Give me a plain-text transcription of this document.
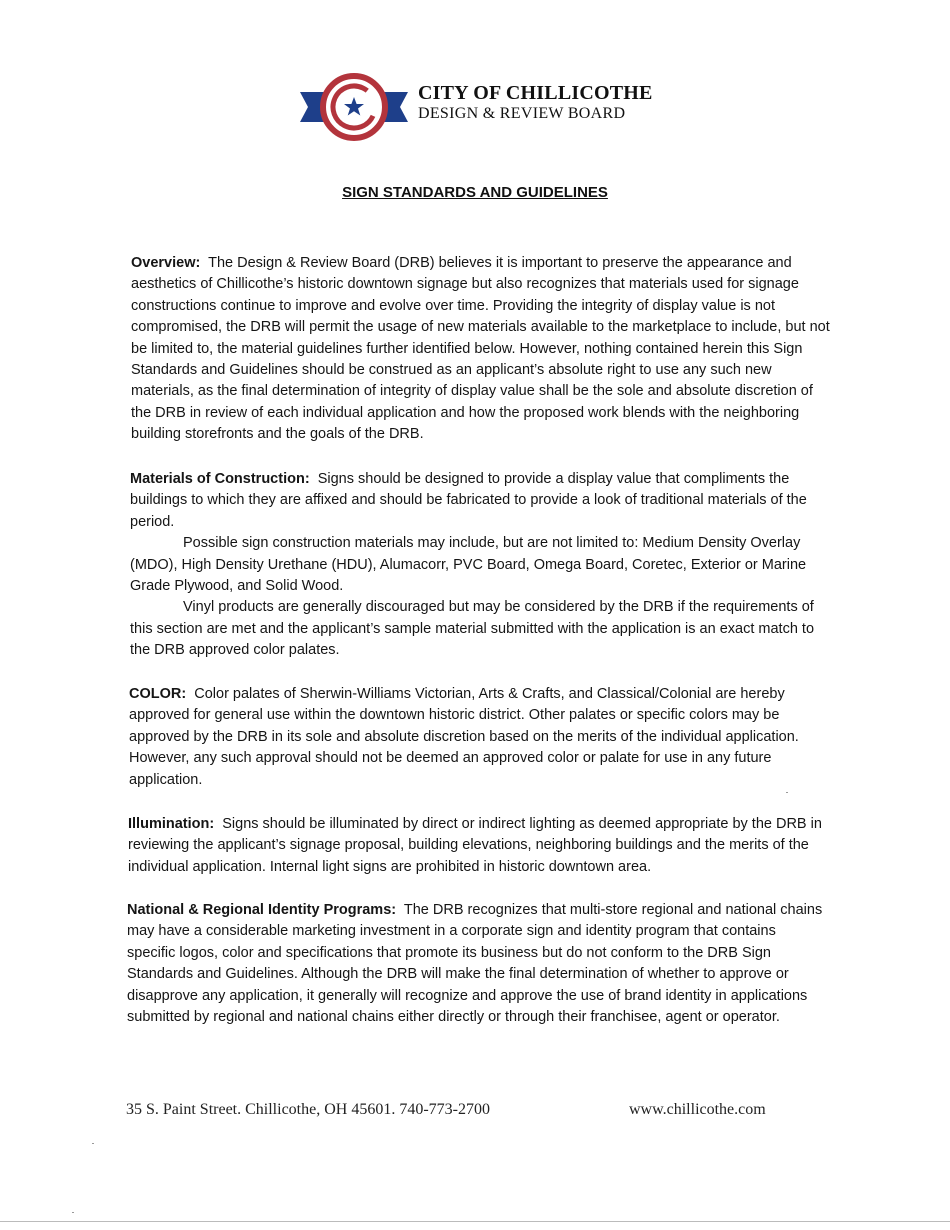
CITY OF CHILLICOTHE
DESIGN & REVIEW BOARD
SIGN STANDARDS AND GUIDELINES

Overview: The Design & Review Board (DRB) believes it is important to preserve the appearance and aesthetics of Chillicothe’s historic downtown signage but also recognizes that materials used for signage constructions continue to improve and evolve over time. Providing the integrity of display value is not compromised, the DRB will permit the usage of new materials available to the marketplace to include, but not be limited to, the material guidelines further identified below. However, nothing contained herein this Sign Standards and Guidelines should be construed as an applicant’s absolute right to use any such new materials, as the final determination of integrity of display value shall be the sole and absolute discretion of the DRB in review of each individual application and how the proposed work blends with the neighboring building storefronts and the goals of the DRB.

Materials of Construction: Signs should be designed to provide a display value that compliments the buildings to which they are affixed and should be fabricated to provide a look of traditional materials of the period.

Possible sign construction materials may include, but are not limited to: Medium Density Overlay (MDO), High Density Urethane (HDU), Alumacorr, PVC Board, Omega Board, Coretec, Exterior or Marine Grade Plywood, and Solid Wood.

Vinyl products are generally discouraged but may be considered by the DRB if the requirements of this section are met and the applicant’s sample material submitted with the application is an exact match to the DRB approved color palates.

COLOR: Color palates of Sherwin-Williams Victorian, Arts & Crafts, and Classical/Colonial are hereby approved for general use within the downtown historic district. Other palates or specific colors may be approved by the DRB in its sole and absolute discretion based on the merits of the individual application. However, any such approval should not be deemed an approved color or palate for use in any future application.

Illumination: Signs should be illuminated by direct or indirect lighting as deemed appropriate by the DRB in reviewing the applicant’s signage proposal, building elevations, neighboring buildings and the merits of the individual application. Internal light signs are prohibited in historic downtown area.

National & Regional Identity Programs: The DRB recognizes that multi-store regional and national chains may have a considerable marketing investment in a corporate sign and identity program that contains specific logos, color and specifications that promote its business but do not conform to the DRB Sign Standards and Guidelines. Although the DRB will make the final determination of whether to approve or disapprove any application, it generally will recognize and approve the use of brand identity in applications submitted by regional and national chains either directly or through their franchisee, agent or operator.

35 S. Paint Street. Chillicothe, OH 45601. 740-773-2700	www.chillicothe.com
